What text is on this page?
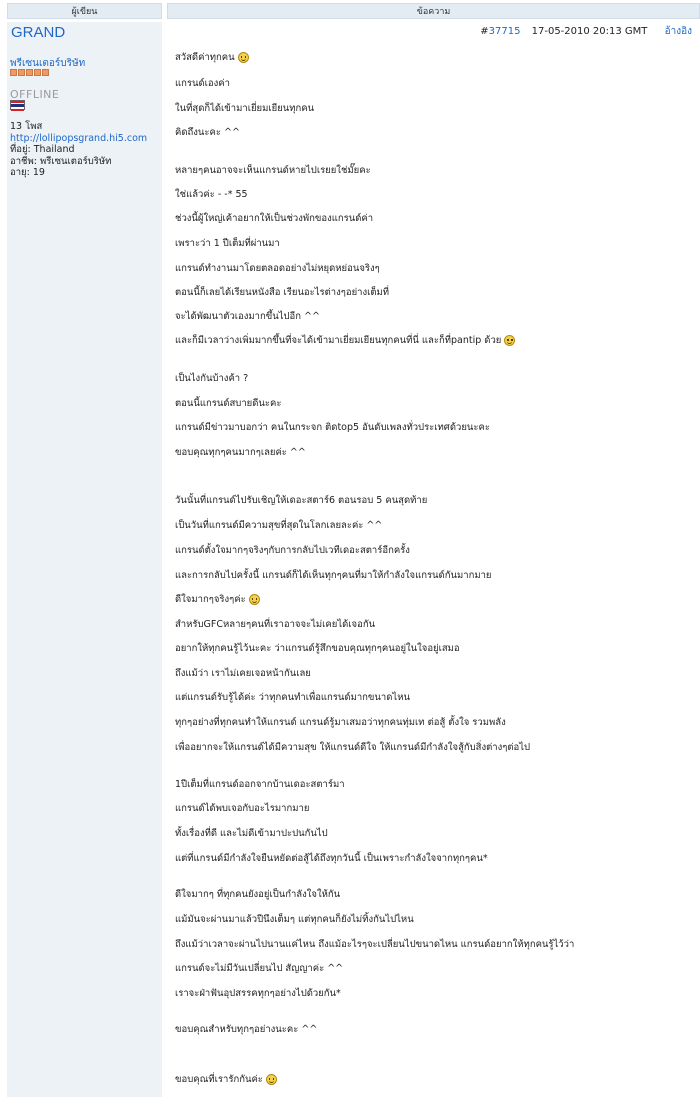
ผู้เขียน	ข้อความ
GRAND
พรีเซนเตอร์บริษัท
OFFLINE
13 โพส
http://lollipopsgrand.hi5.com
ที่อยู่: Thailand
อาชีพ: พรีเซนเตอร์บริษัท
อายุ: 19
#37715 17-05-2010 20:13 GMT อ้างอิง
สวัสดีค่าทุกคน
แกรนด์เองค่า
ในที่สุดก็ได้เข้ามาเยี่ยมเยียนทุกคน
คิดถึงนะคะ ^^
หลายๆคนอาจจะเห็นแกรนด์หายไปเรยยใช่มั๊ยคะ
ใช่แล้วค่ะ - -* 55
ช่วงนี้ผู้ใหญ่เค้าอยากให้เป็นช่วงพักของแกรนด์ค่า
เพราะว่า 1 ปีเต็มที่ผ่านมา
แกรนด์ทำงานมาโดยตลอดอย่างไม่หยุดหย่อนจริงๆ
ตอนนี้ก็เลยได้เรียนหนังสือ เรียนอะไรต่างๆอย่างเต็มที่
จะได้พัฒนาตัวเองมากขึ้นไปอีก ^^
และก็มีเวลาว่างเพิ่มมากขึ้นที่จะได้เข้ามาเยี่ยมเยียนทุกคนที่นี่ และก็ที่pantip ด้วย
เป็นไงกันบ้างค้า ?
ตอนนี้แกรนด์สบายดีนะคะ
แกรนด์มีข่าวมาบอกว่า คนในกระจก ติดtop5 อันดับเพลงทั่วประเทศด้วยนะคะ
ขอบคุณทุกๆคนมากๆเลยค่ะ ^^
วันนั้นที่แกรนด์ไปรับเชิญให้เดอะสตาร์6 ตอนรอบ 5 คนสุดท้าย
เป็นวันที่แกรนด์มีความสุขที่สุดในโลกเลยละค่ะ ^^
แกรนด์ตั้งใจมากๆจริงๆกับการกลับไปเวทีเดอะสตาร์อีกครั้ง
และการกลับไปครั้งนี้ แกรนด์ก็ได้เห็นทุกๆคนที่มาให้กำลังใจแกรนด์กันมากมาย
ดีใจมากๆจริงๆค่ะ
สำหรับGFCหลายๆคนที่เราอาจจะไม่เคยได้เจอกัน
อยากให้ทุกคนรู้ไว้นะคะ ว่าแกรนด์รู้สึกขอบคุณทุกๆคนอยู่ในใจอยู่เสมอ
ถึงแม้ว่า เราไม่เคยเจอหน้ากันเลย
แต่แกรนด์รับรู้ได้ค่ะ ว่าทุกคนทำเพื่อแกรนด์มากขนาดไหน
ทุกๆอย่างที่ทุกคนทำให้แกรนด์ แกรนด์รู้มาเสมอว่าทุกคนทุ่มเท ต่อสู้ ตั้งใจ รวมพลัง
เพื่ออยากจะให้แกรนด์ได้มีความสุข ให้แกรนด์ดีใจ ให้แกรนด์มีกำลังใจสู้กับสิ่งต่างๆต่อไป
1ปีเต็มที่แกรนด์ออกจากบ้านเดอะสตาร์มา
แกรนด์ได้พบเจอกับอะไรมากมาย
ทั้งเรื่องที่ดี และไม่ดีเข้ามาปะปนกันไป
แต่ที่แกรนด์มีกำลังใจยืนหยัดต่อสู้ได้ถึงทุกวันนี้ เป็นเพราะกำลังใจจากทุกๆคน*
ดีใจมากๆ ที่ทุกคนยังอยู่เป็นกำลังใจให้กัน
แม้มันจะผ่านมาแล้วปีนึงเต็มๆ แต่ทุกคนก็ยังไม่ทิ้งกันไปไหน
ถึงแม้ว่าเวลาจะผ่านไปนานแค่ไหน ถึงแม้อะไรๆจะเปลี่ยนไปขนาดไหน แกรนด์อยากให้ทุกคนรู้ไว้ว่า
แกรนด์จะไม่มีวันเปลี่ยนไป สัญญาค่ะ ^^
เราจะฝ่าฟันอุปสรรคทุกๆอย่างไปด้วยกัน*
ขอบคุณสำหรับทุกๆอย่างนะคะ ^^
ขอบคุณที่เรารักกันค่ะ
